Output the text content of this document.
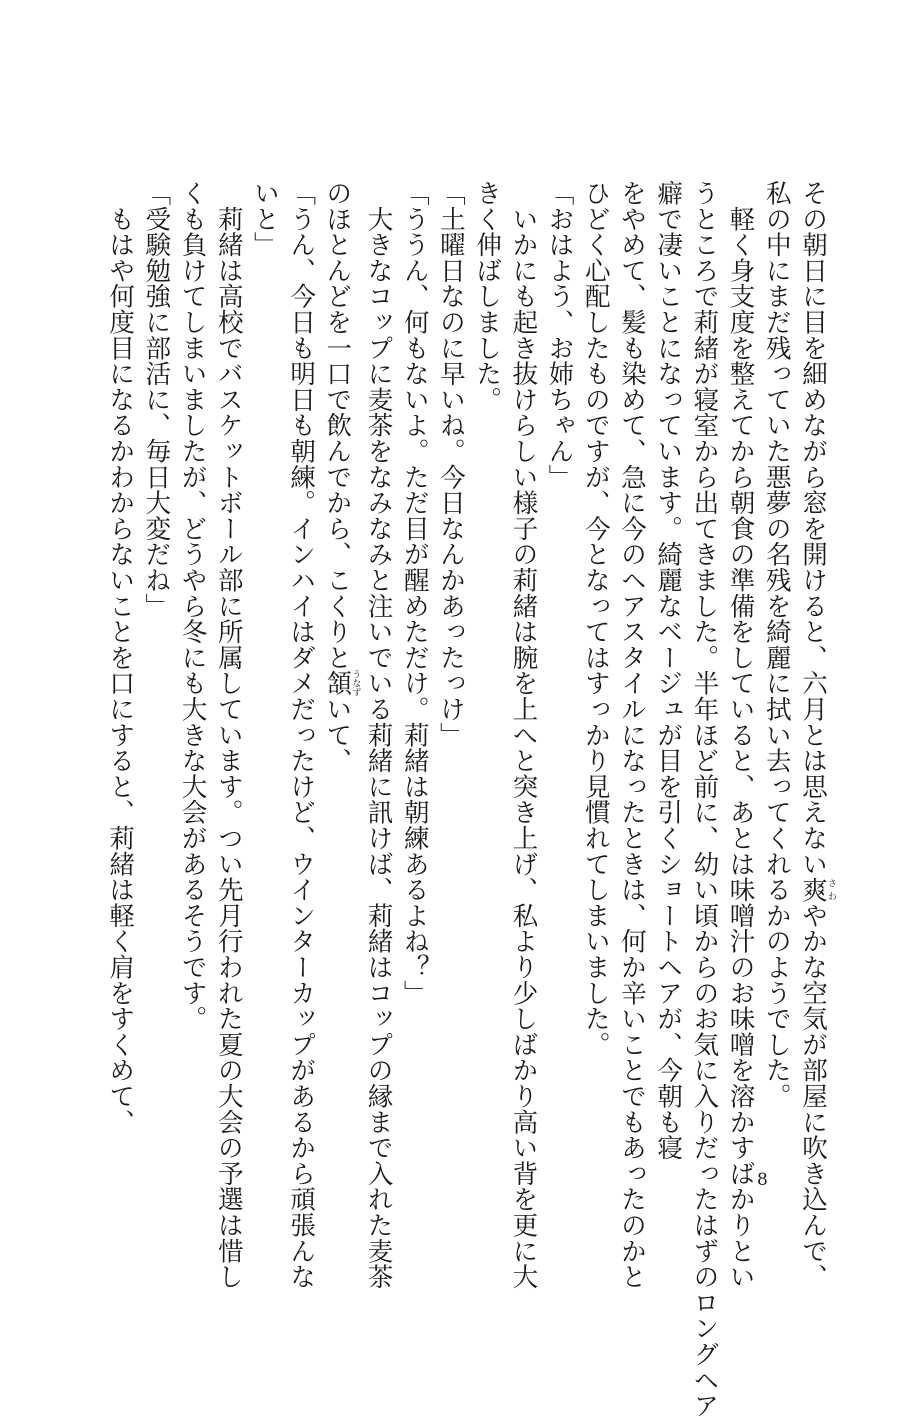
その朝日に目を細めながら窓を開けると、六月とは思えない爽さわやかな空気が部屋に吹き込んで、
私の中にまだ残っていた悪夢の名残を綺麗に拭い去ってくれるかのようでした。
　軽く身支度を整えてから朝食の準備をしていると、あとは味噌汁のお味噌を溶かすばかりとい
うところで莉緒が寝室から出てきました。半年ほど前に、幼い頃からのお気に入りだったはずのロングヘア
癖で凄いことになっています。綺麗なベージュが目を引くショートヘアが、今朝も寝
をやめて、髪も染めて、急に今のヘアスタイルになったときは、何か辛いことでもあったのかと
ひどく心配したものですが、今となってはすっかり見慣れてしまいました。
「おはよう、お姉ちゃん」
　いかにも起き抜けらしい様子の莉緒は腕を上へと突き上げ、私より少しばかり高い背を更に大
きく伸ばしました。
「土曜日なのに早いね。今日なんかあったっけ」
「ううん、何もないよ。ただ目が醒めただけ。莉緒は朝練あるよね？」
　大きなコップに麦茶をなみなみと注いでいる莉緒に訊けば、莉緒はコップの縁まで入れた麦茶
のほとんどを一口で飲んでから、こくりと頷うなずいて、
「うん、今日も明日も朝練。インハイはダメだったけど、ウインターカップがあるから頑張んな
いと」
　莉緒は高校でバスケットボール部に所属しています。つい先月行われた夏の大会の予選は惜し
くも負けてしまいましたが、どうやら冬にも大きな大会があるそうです。
「受験勉強に部活に、毎日大変だね」
　もはや何度目になるかわからないことを口にすると、莉緒は軽く肩をすくめて、
8
